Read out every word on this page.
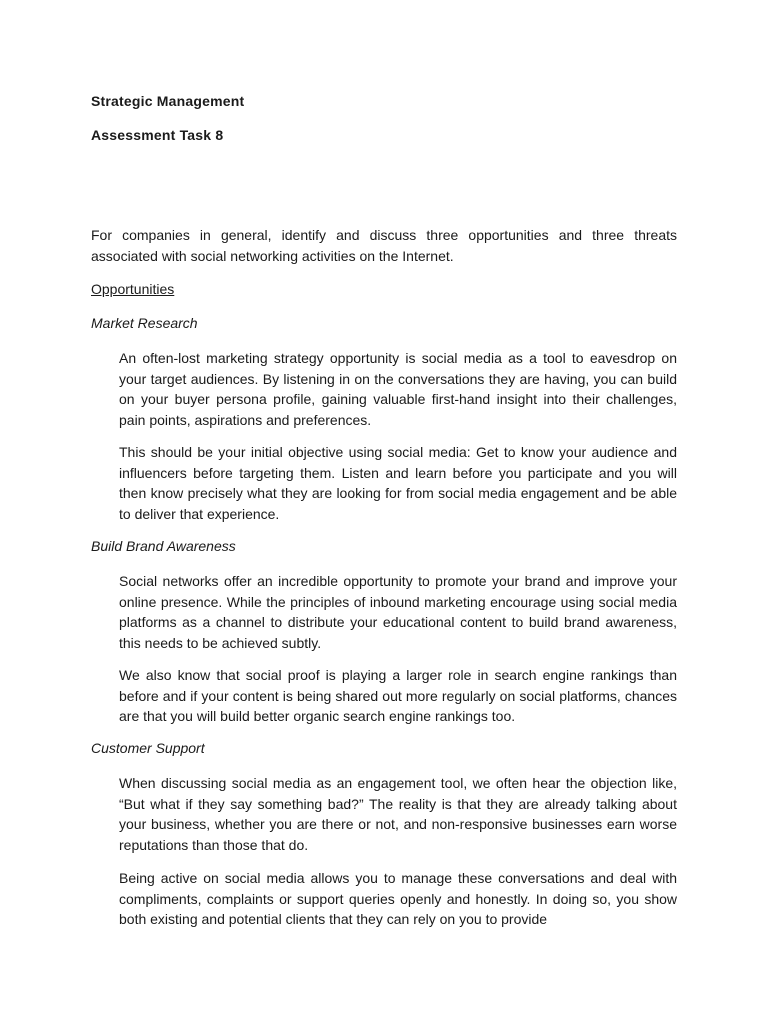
Strategic Management

Assessment Task 8

For companies in general, identify and discuss three opportunities and three threats associated with social networking activities on the Internet.

Opportunities

Market Research

An often-lost marketing strategy opportunity is social media as a tool to eavesdrop on your target audiences. By listening in on the conversations they are having, you can build on your buyer persona profile, gaining valuable first-hand insight into their challenges, pain points, aspirations and preferences.

This should be your initial objective using social media: Get to know your audience and influencers before targeting them. Listen and learn before you participate and you will then know precisely what they are looking for from social media engagement and be able to deliver that experience.

Build Brand Awareness

Social networks offer an incredible opportunity to promote your brand and improve your online presence. While the principles of inbound marketing encourage using social media platforms as a channel to distribute your educational content to build brand awareness, this needs to be achieved subtly.

We also know that social proof is playing a larger role in search engine rankings than before and if your content is being shared out more regularly on social platforms, chances are that you will build better organic search engine rankings too.

Customer Support

When discussing social media as an engagement tool, we often hear the objection like, “But what if they say something bad?” The reality is that they are already talking about your business, whether you are there or not, and non-responsive businesses earn worse reputations than those that do.

Being active on social media allows you to manage these conversations and deal with compliments, complaints or support queries openly and honestly. In doing so, you show both existing and potential clients that they can rely on you to provide
